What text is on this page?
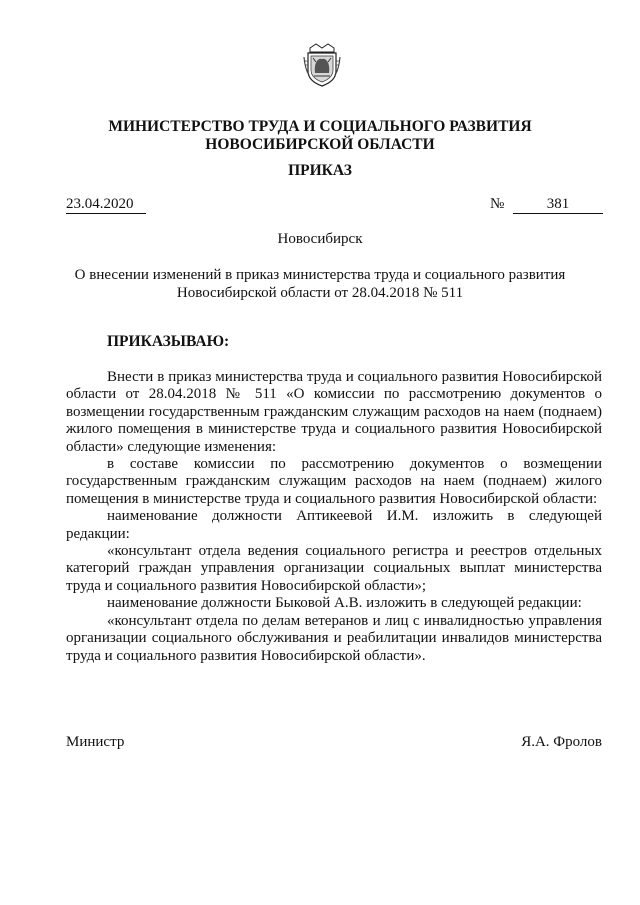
МИНИСТЕРСТВО ТРУДА И СОЦИАЛЬНОГО РАЗВИТИЯ
НОВОСИБИРСКОЙ ОБЛАСТИ
ПРИКАЗ
23.04.2020	№	381
Новосибирск
О внесении изменений в приказ министерства труда и социального развития
Новосибирской области от 28.04.2018 № 511
ПРИКАЗЫВАЮ:

Внести в приказ министерства труда и социального развития Новосибирской области от 28.04.2018 № 511 «О комиссии по рассмотрению документов о возмещении государственным гражданским служащим расходов на наем (поднаем) жилого помещения в министерстве труда и социального развития Новосибирской области» следующие изменения:

в составе комиссии по рассмотрению документов о возмещении государственным гражданским служащим расходов на наем (поднаем) жилого помещения в министерстве труда и социального развития Новосибирской области:

наименование должности Аптикеевой И.М. изложить в следующей редакции:

«консультант отдела ведения социального регистра и реестров отдельных категорий граждан управления организации социальных выплат министерства труда и социального развития Новосибирской области»;

наименование должности Быковой А.В. изложить в следующей редакции:

«консультант отдела по делам ветеранов и лиц с инвалидностью управления организации социального обслуживания и реабилитации инвалидов министерства труда и социального развития Новосибирской области».

Министр	Я.А. Фролов
